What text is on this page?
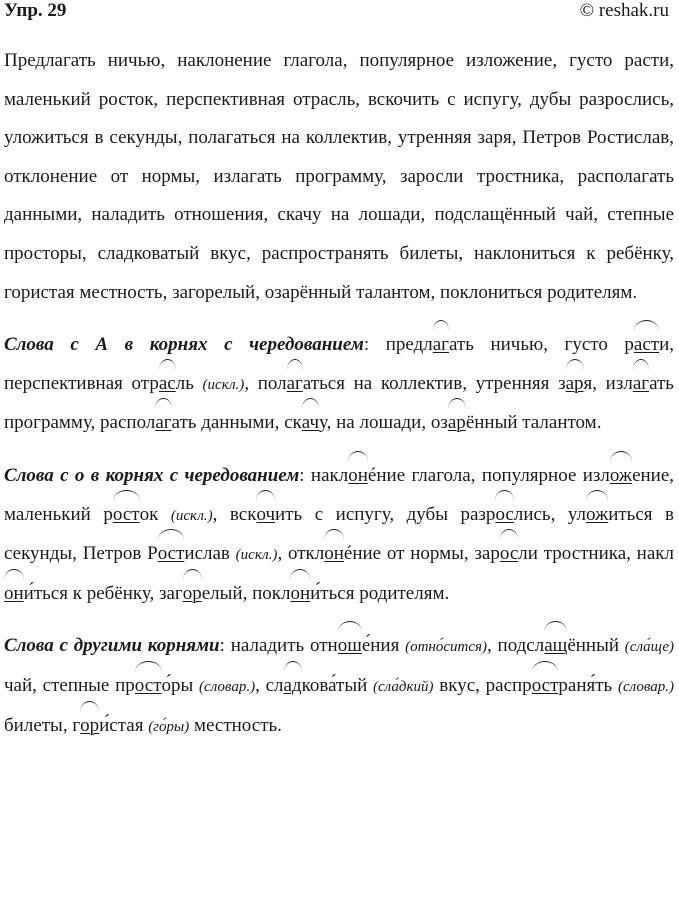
Упр. 29	© reshak.ru

Предлагать ничью, наклонение глагола, популярное изложение, густо расти, маленький росток, перспективная отрасль, вскочить с испугу, дубы разрослись, уложиться в секунды, полагаться на коллектив, утренняя заря, Петров Ростислав, отклонение от нормы, излагать программу, заросли тростника, располагать данными, наладить отношения, скачу на лошади, подслащённый чай, степные просторы, сладковатый вкус, распространять билеты, наклониться к ребёнку, гористая местность, загорелый, озарённый талантом, поклониться родителям.

Слова с А в корнях с чередованием: предл
агать ничью, густо р
асти, перспективная отр
асль (искл.), пол
агаться на коллектив, утренняя з
аря, изл
агать программу, распол
агать данными, ск
ачу, на лошади, оз
арённый талантом.

Слова с о в корнях с чередованием: накл
онéние глагола, популярное изл
ожение, маленький р
осток (искл.), вск
очить с испугу, дубы разр
ослись, ул
ожиться в секунды, Петров Р
остислав (искл.), откл
онéние от нормы, зар
осли тростника, накл
они́ться к ребёнку, заг
орелый, покл
они́ться родителям.

Слова с другими корнями: наладить отн
оше́ния (отно́сится), подсл
ащённый (сла́ще) чай, степные пр
осто́ры (словар.), сл
адкова́тый (сла́дкий) вкус, распр
остраня́ть (словар.) билеты, г
ори́стая (го́ры) местность.
